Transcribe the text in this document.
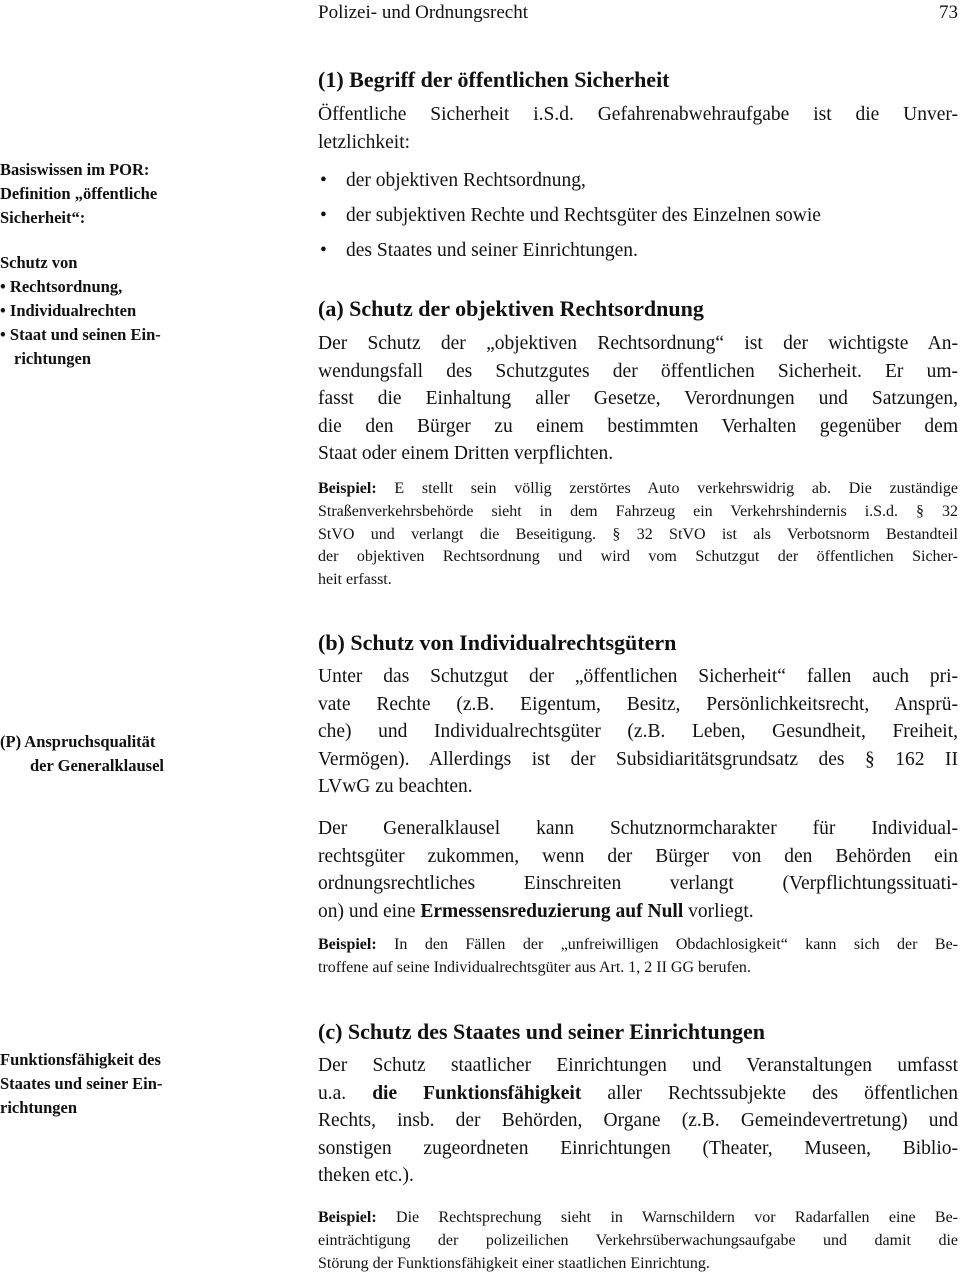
Polizei- und Ordnungsrecht	73
Basiswissen im POR:
Definition „öffentliche
Sicherheit“:
Schutz von
• Rechtsordnung,
• Individualrechten
• Staat und seinen Ein-
richtungen
(P) Anspruchsqualität
der Generalklausel
Funktionsfähigkeit des
Staates und seiner Ein-
richtungen
(1) Begriff der öffentlichen Sicherheit
Öffentliche Sicherheit i.S.d. Gefahrenabwehraufgabe ist die Unver-
letzlichkeit:
• der objektiven Rechtsordnung,
• der subjektiven Rechte und Rechtsgüter des Einzelnen sowie
• des Staates und seiner Einrichtungen.
(a) Schutz der objektiven Rechtsordnung
Der Schutz der „objektiven Rechtsordnung“ ist der wichtigste An-
wendungsfall des Schutzgutes der öffentlichen Sicherheit. Er um-
fasst die Einhaltung aller Gesetze, Verordnungen und Satzungen,
die den Bürger zu einem bestimmten Verhalten gegenüber dem
Staat oder einem Dritten verpflichten.
Beispiel: E stellt sein völlig zerstörtes Auto verkehrswidrig ab. Die zuständige
Straßenverkehrsbehörde sieht in dem Fahrzeug ein Verkehrshindernis i.S.d. § 32
StVO und verlangt die Beseitigung. § 32 StVO ist als Verbotsnorm Bestandteil
der objektiven Rechtsordnung und wird vom Schutzgut der öffentlichen Sicher-
heit erfasst.
(b) Schutz von Individualrechtsgütern
Unter das Schutzgut der „öffentlichen Sicherheit“ fallen auch pri-
vate Rechte (z.B. Eigentum, Besitz, Persönlichkeitsrecht, Ansprü-
che) und Individualrechtsgüter (z.B. Leben, Gesundheit, Freiheit,
Vermögen). Allerdings ist der Subsidiaritätsgrundsatz des § 162 II
LVwG zu beachten.
Der Generalklausel kann Schutznormcharakter für Individual-
rechtsgüter zukommen, wenn der Bürger von den Behörden ein
ordnungsrechtliches Einschreiten verlangt (Verpflichtungssituati-
on) und eine Ermessensreduzierung auf Null vorliegt.
Beispiel: In den Fällen der „unfreiwilligen Obdachlosigkeit“ kann sich der Be-
troffene auf seine Individualrechtsgüter aus Art. 1, 2 II GG berufen.
(c) Schutz des Staates und seiner Einrichtungen
Der Schutz staatlicher Einrichtungen und Veranstaltungen umfasst
u.a. die Funktionsfähigkeit aller Rechtssubjekte des öffentlichen
Rechts, insb. der Behörden, Organe (z.B. Gemeindevertretung) und
sonstigen zugeordneten Einrichtungen (Theater, Museen, Biblio-
theken etc.).
Beispiel: Die Rechtsprechung sieht in Warnschildern vor Radarfallen eine Be-
einträchtigung der polizeilichen Verkehrsüberwachungsaufgabe und damit die
Störung der Funktionsfähigkeit einer staatlichen Einrichtung.
